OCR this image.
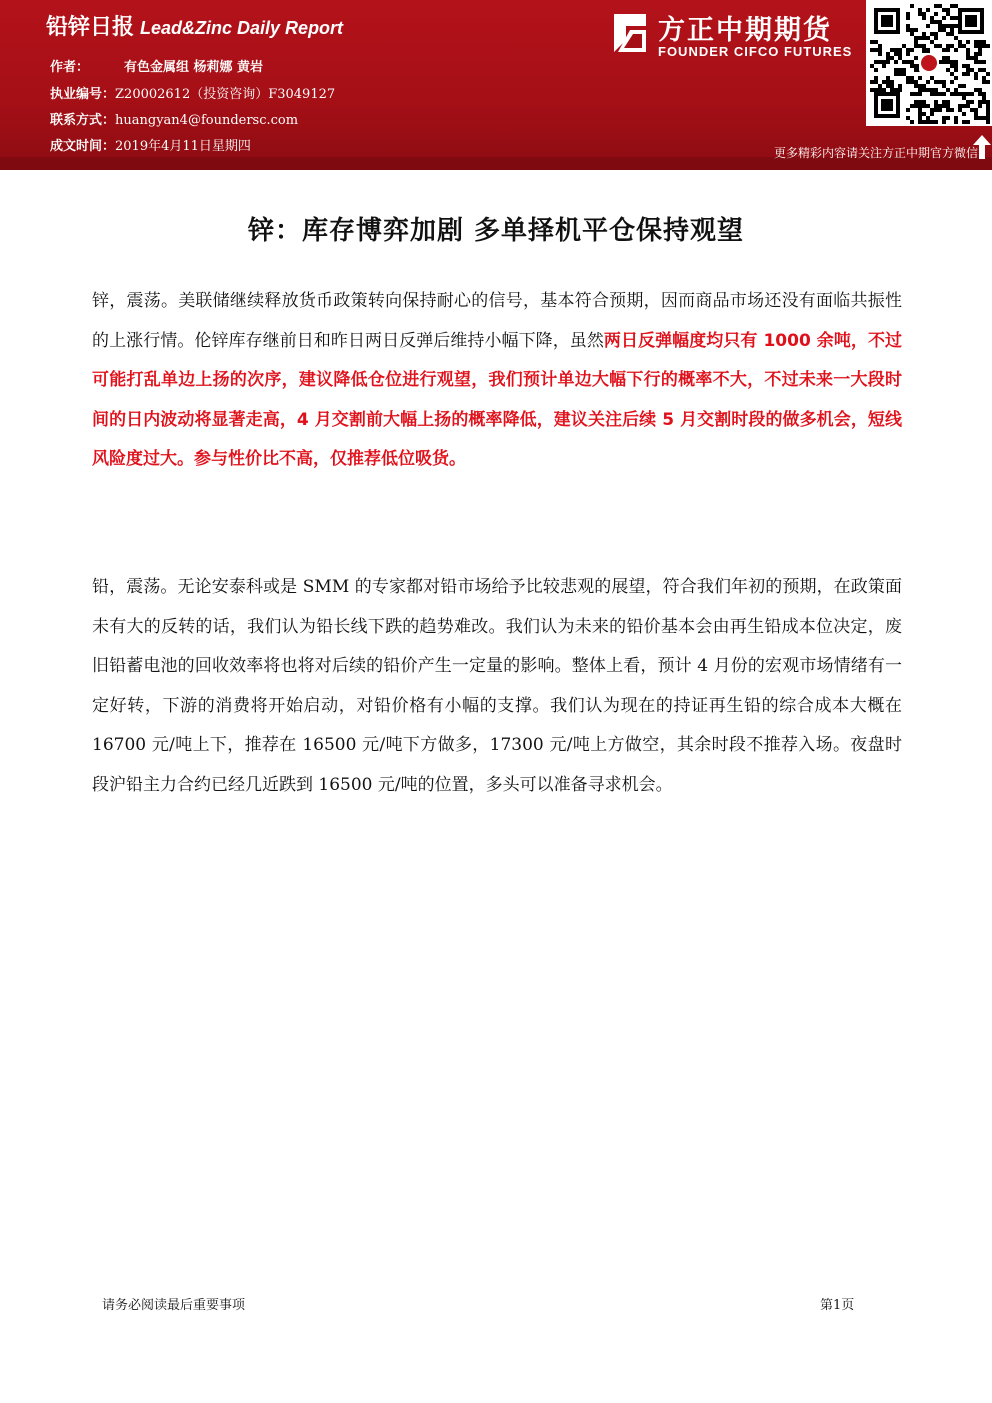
铅锌日报 Lead&Zinc Daily Report
作者：	有色金属组 杨莉娜 黄岩
执业编号：Z20002612（投资咨询）F3049127
联系方式：huangyan4@foundersc.com
成文时间：2019年4月11日星期四
方正中期期货
FOUNDER CIFCO FUTURES
更多精彩内容请关注方正中期官方微信
锌：库存博弈加剧 多单择机平仓保持观望
锌，震荡。美联储继续释放货币政策转向保持耐心的信号，基本符合预期，因而商品市场还没有面临共振性的上涨行情。伦锌库存继前日和昨日两日反弹后维持小幅下降，虽然两日反弹幅度均只有 1000 余吨，不过可能打乱单边上扬的次序，建议降低仓位进行观望，我们预计单边大幅下行的概率不大，不过未来一大段时间的日内波动将显著走高，4 月交割前大幅上扬的概率降低，建议关注后续 5 月交割时段的做多机会，短线风险度过大。参与性价比不高，仅推荐低位吸货。
铅，震荡。无论安泰科或是 SMM 的专家都对铅市场给予比较悲观的展望，符合我们年初的预期，在政策面未有大的反转的话，我们认为铅长线下跌的趋势难改。我们认为未来的铅价基本会由再生铅成本位决定，废旧铅蓄电池的回收效率将也将对后续的铅价产生一定量的影响。整体上看，预计 4 月份的宏观市场情绪有一定好转，下游的消费将开始启动，对铅价格有小幅的支撑。我们认为现在的持证再生铅的综合成本大概在 16700 元/吨上下，推荐在 16500 元/吨下方做多，17300 元/吨上方做空，其余时段不推荐入场。夜盘时段沪铅主力合约已经几近跌到 16500 元/吨的位置，多头可以准备寻求机会。
请务必阅读最后重要事项	第1页
